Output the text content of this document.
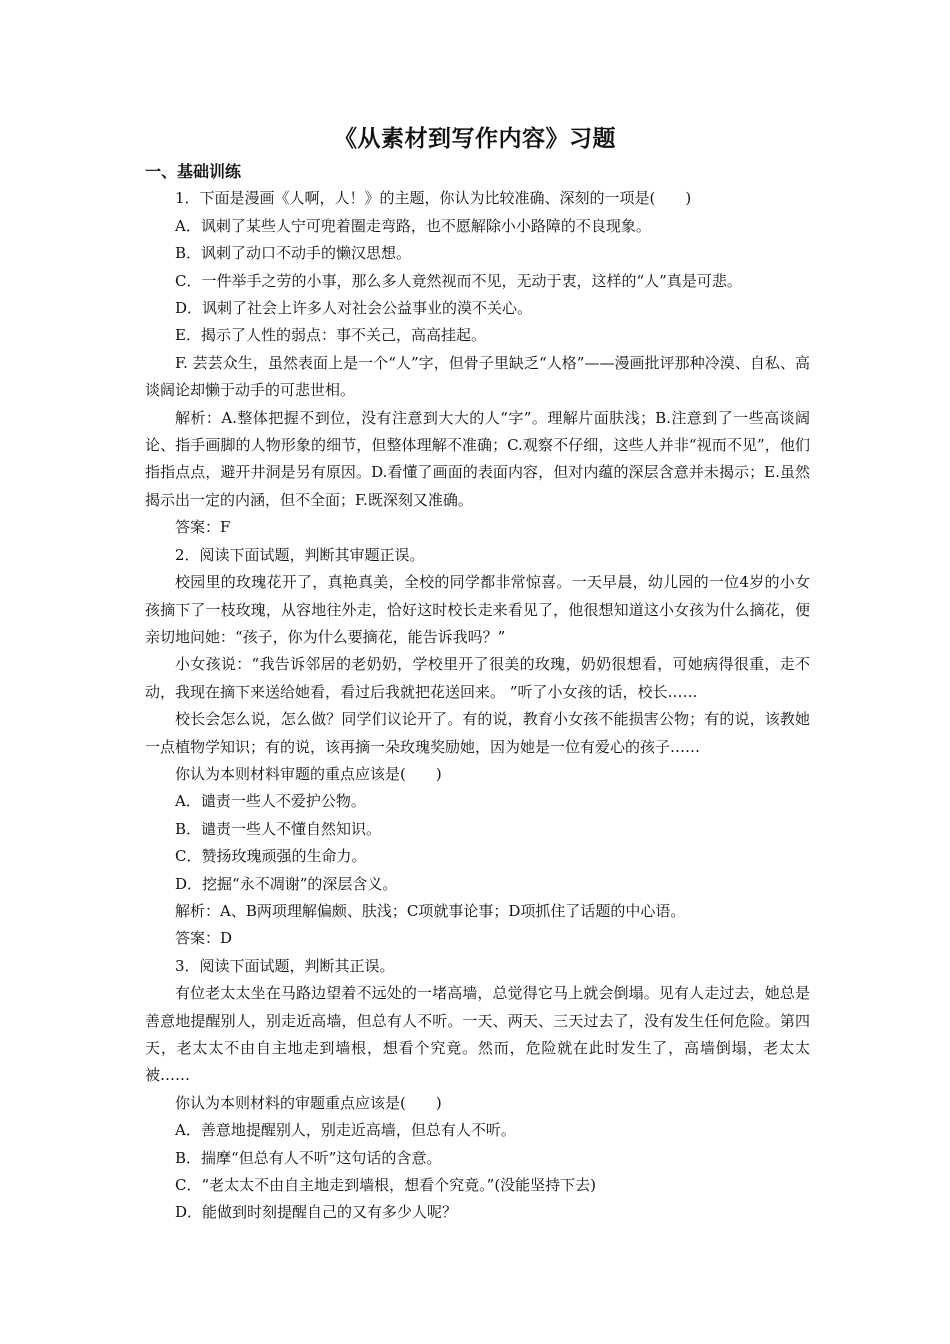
《从素材到写作内容》习题
一、基础训练

1．下面是漫画《人啊，人！》的主题，你认为比较准确、深刻的一项是(　　)

A．讽刺了某些人宁可兜着圈走弯路，也不愿解除小小路障的不良现象。

B．讽刺了动口不动手的懒汉思想。

C．一件举手之劳的小事，那么多人竟然视而不见，无动于衷，这样的“人”真是可悲。

D．讽刺了社会上许多人对社会公益事业的漠不关心。

E．揭示了人性的弱点：事不关己，高高挂起。

F. 芸芸众生，虽然表面上是一个“人”字，但骨子里缺乏“人格”——漫画批评那种冷漠、自私、高谈阔论却懒于动手的可悲世相。

解析：A.整体把握不到位，没有注意到大大的人“字”。理解片面肤浅；B.注意到了一些高谈阔论、指手画脚的人物形象的细节，但整体理解不准确；C.观察不仔细，这些人并非“视而不见”，他们指指点点，避开井洞是另有原因。D.看懂了画面的表面内容，但对内蕴的深层含意并未揭示；E.虽然揭示出一定的内涵，但不全面；F.既深刻又准确。

答案：F

2．阅读下面试题，判断其审题正误。

校园里的玫瑰花开了，真艳真美，全校的同学都非常惊喜。一天早晨，幼儿园的一位4岁的小女孩摘下了一枝玫瑰，从容地往外走，恰好这时校长走来看见了，他很想知道这小女孩为什么摘花，便亲切地问她：“孩子，你为什么要摘花，能告诉我吗？”

小女孩说：“我告诉邻居的老奶奶，学校里开了很美的玫瑰，奶奶很想看，可她病得很重，走不动，我现在摘下来送给她看，看过后我就把花送回来。 ”听了小女孩的话，校长……

校长会怎么说，怎么做？同学们议论开了。有的说，教育小女孩不能损害公物；有的说，该教她一点植物学知识；有的说，该再摘一朵玫瑰奖励她，因为她是一位有爱心的孩子……

你认为本则材料审题的重点应该是(　　)

A．谴责一些人不爱护公物。

B．谴责一些人不懂自然知识。

C．赞扬玫瑰顽强的生命力。

D．挖掘“永不凋谢”的深层含义。

解析：A、B两项理解偏颇、肤浅；C项就事论事；D项抓住了话题的中心语。

答案：D

3．阅读下面试题，判断其正误。

有位老太太坐在马路边望着不远处的一堵高墙，总觉得它马上就会倒塌。见有人走过去，她总是善意地提醒别人，别走近高墙，但总有人不听。一天、两天、三天过去了，没有发生任何危险。第四天，老太太不由自主地走到墙根，想看个究竟。然而，危险就在此时发生了，高墙倒塌，老太太被……

你认为本则材料的审题重点应该是(　　)

A．善意地提醒别人，别走近高墙，但总有人不听。

B．揣摩“但总有人不听”这句话的含意。

C．“老太太不由自主地走到墙根，想看个究竟。”(没能坚持下去)

D．能做到时刻提醒自己的又有多少人呢？
